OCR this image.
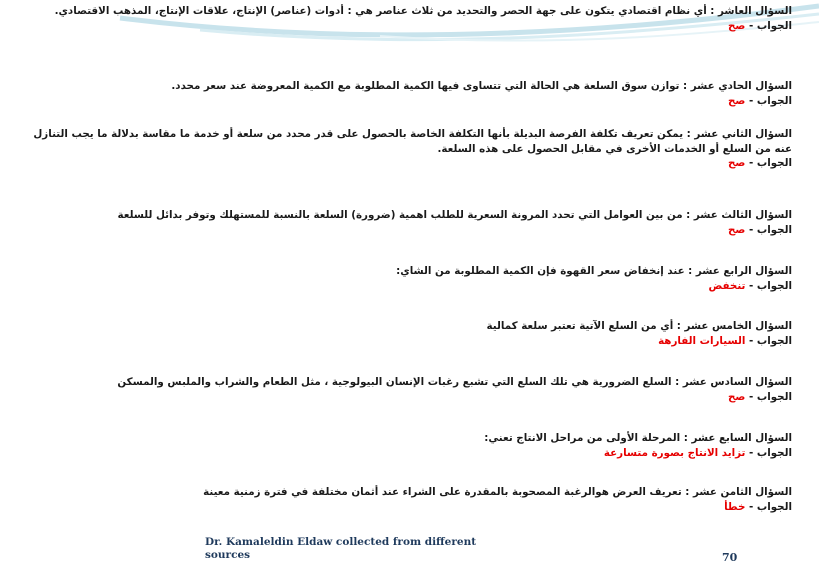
السؤال العاشر : أي نظام اقتصادي يتكون على جهة الحصر والتحديد من ثلاث عناصر هي : أدوات (عناصر) الإنتاج، علاقات الإنتاج، المذهب الاقتصادي.

الجواب - صح

السؤال الحادي عشر : توازن سوق السلعة هي الحالة التي تتساوى فيها الكمية المطلوبة مع الكمية المعروضة عند سعر محدد.

الجواب - صح

السؤال الثاني عشر : يمكن تعريف تكلفة الفرصة البديلة بأنها التكلفة الخاصة بالحصول على قدر محدد من سلعة أو خدمة ما مقاسة بدلالة ما يجب التنازل عنه من السلع أو الخدمات الأخرى في مقابل الحصول على هذه السلعة.

الجواب - صح

السؤال الثالث عشر : من بين العوامل التي تحدد المرونة السعرية للطلب اهمية (ضرورة) السلعة بالنسبة للمستهلك وتوفر بدائل للسلعة

الجواب - صح

السؤال الرابع عشر : عند إنخفاض سعر القهوة فإن الكمية المطلوبة من الشاي:

الجواب - تنخفض

السؤال الخامس عشر : أي من السلع الآتية تعتبر سلعة كمالية

الجواب - السيارات الفارهة

السؤال السادس عشر : السلع الضرورية هي تلك السلع التي تشبع رغبات الإنسان البيولوجية ، مثل الطعام والشراب والملبس والمسكن

الجواب - صح

السؤال السابع عشر : المرحلة الأولى من مراحل الانتاج تعني:

الجواب - تزايد الانتاج بصورة متسارعة

السؤال الثامن عشر : تعريف العرض هوالرغبة المصحوبة بالمقدرة على الشراء عند أثمان مختلفة في فترة زمنية معينة

الجواب - خطأ

Dr. Kamaleldin Eldaw collected from different
sources	70
